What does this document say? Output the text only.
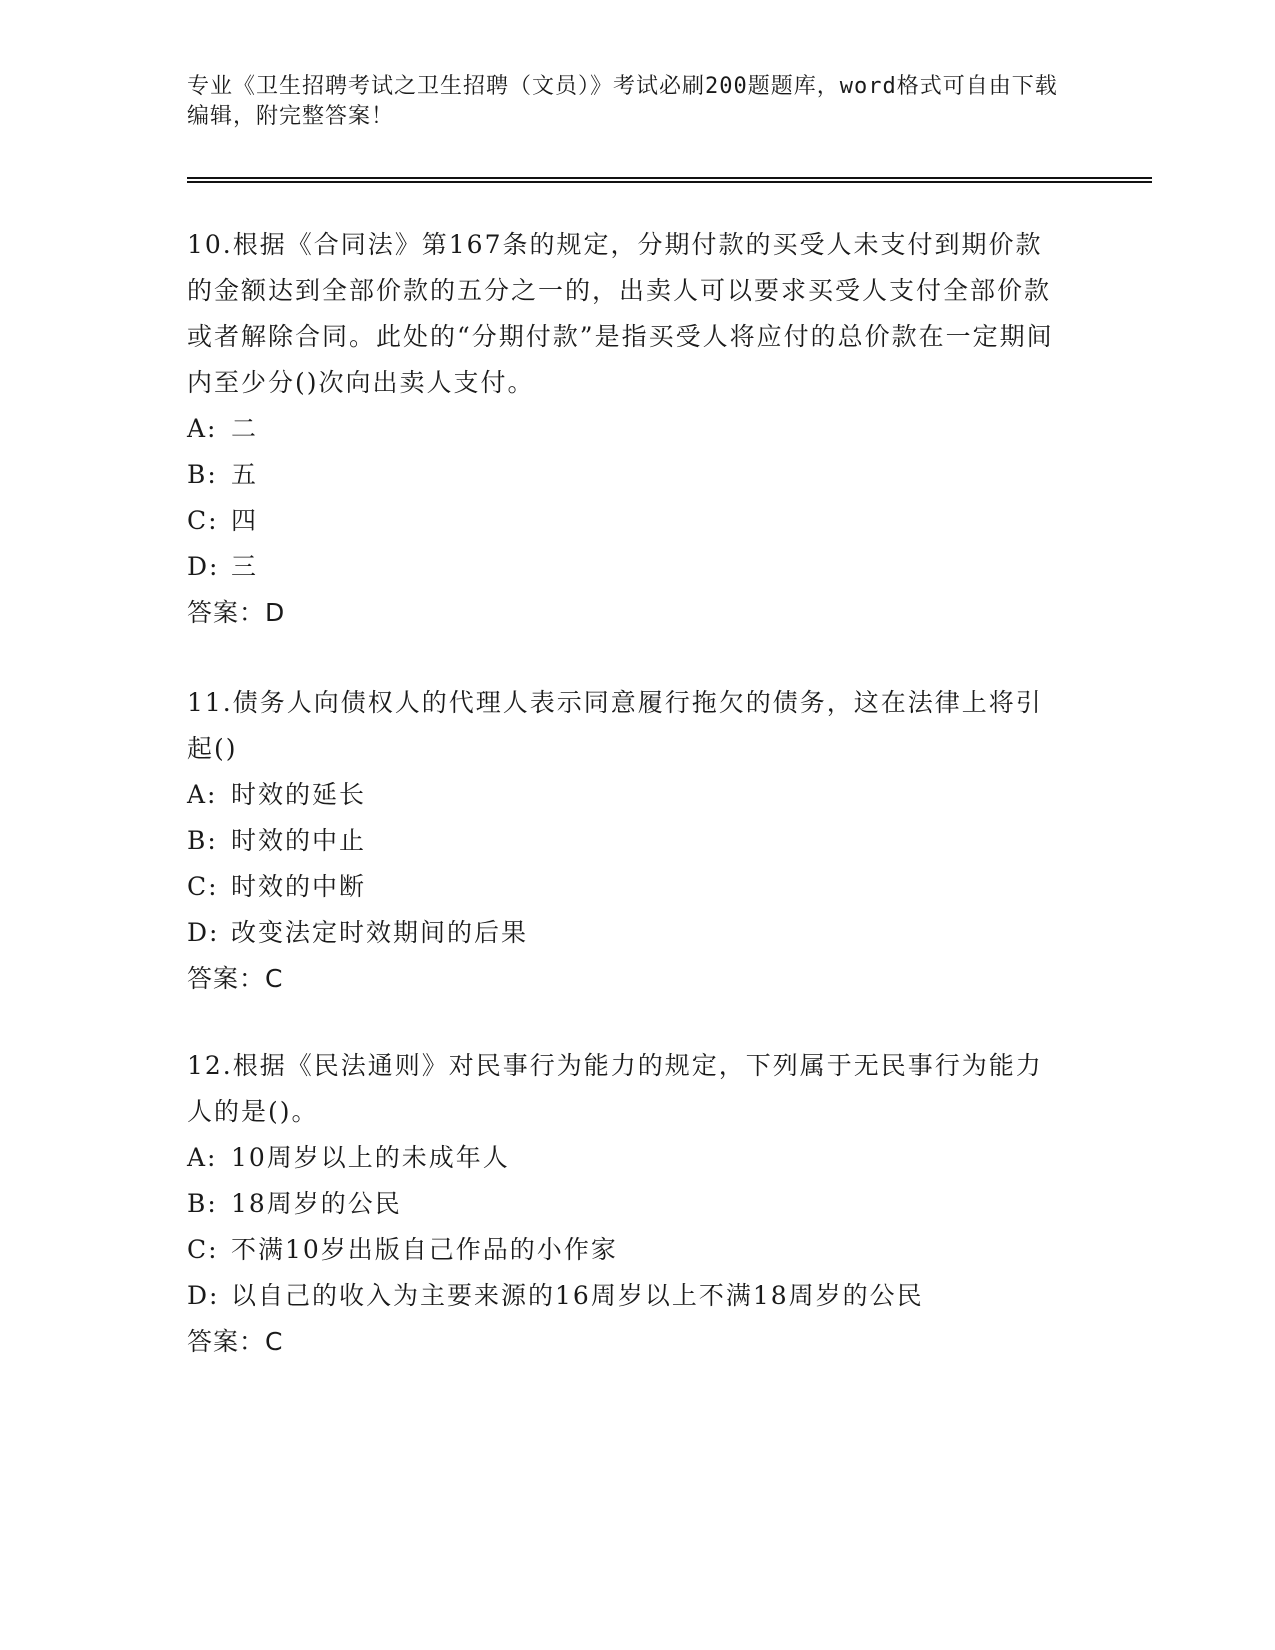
专业《卫生招聘考试之卫生招聘（文员）》考试必刷200题题库，word格式可自由下载编辑，附完整答案！

10.根据《合同法》第167条的规定，分期付款的买受人未支付到期价款的金额达到全部价款的五分之一的，出卖人可以要求买受人支付全部价款或者解除合同。此处的“分期付款”是指买受人将应付的总价款在一定期间内至少分()次向出卖人支付。

A: 二
B: 五
C: 四
D: 三
答案：D

11.债务人向债权人的代理人表示同意履行拖欠的债务，这在法律上将引起()

A: 时效的延长
B: 时效的中止
C: 时效的中断
D: 改变法定时效期间的后果
答案：C

12.根据《民法通则》对民事行为能力的规定，下列属于无民事行为能力人的是()。

A: 10周岁以上的未成年人
B: 18周岁的公民
C: 不满10岁出版自己作品的小作家
D: 以自己的收入为主要来源的16周岁以上不满18周岁的公民
答案：C
